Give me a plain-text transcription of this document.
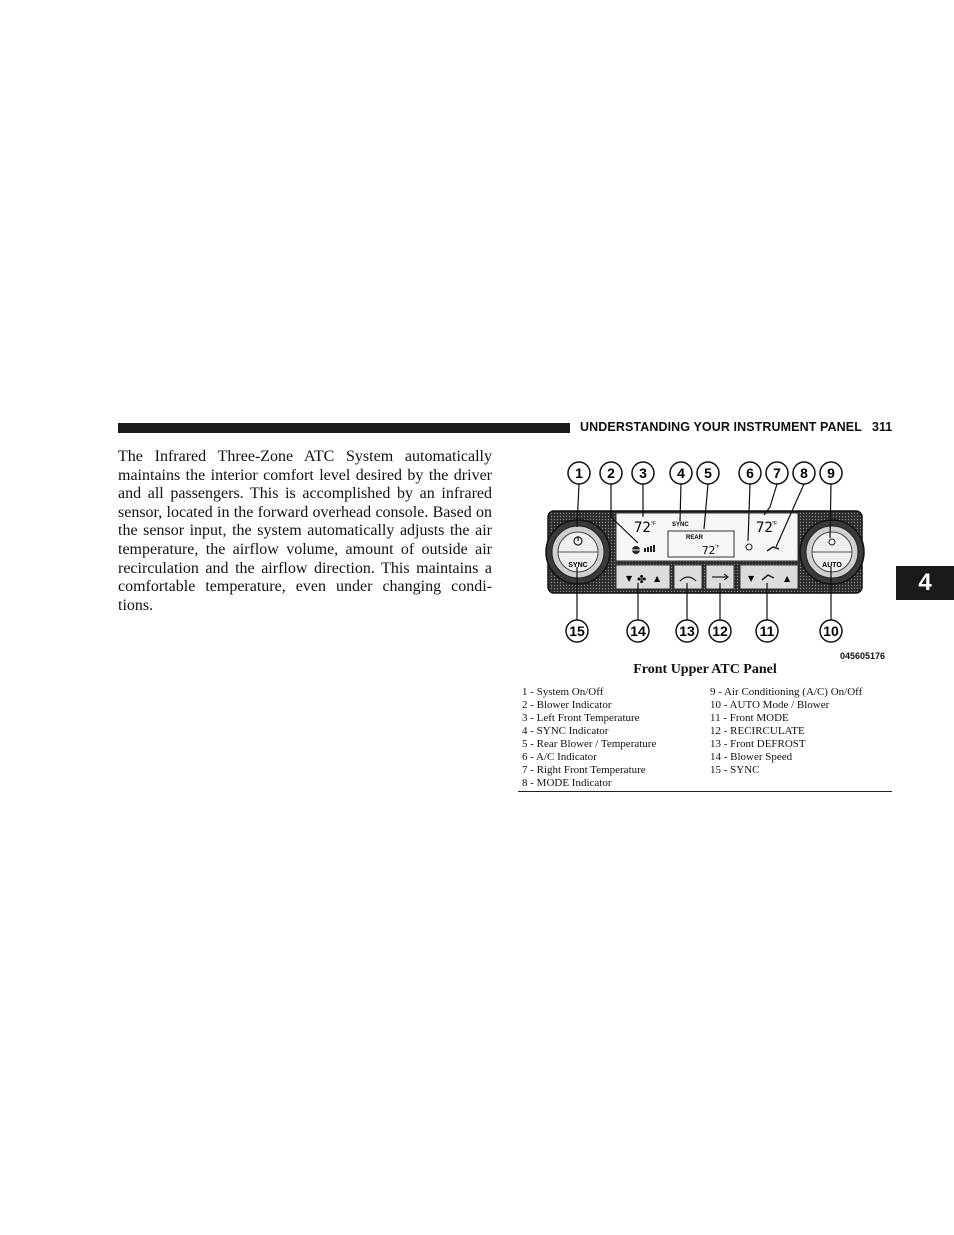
UNDERSTANDING YOUR INSTRUMENT PANEL 311

The Infrared Three-Zone ATC System automatically maintains the interior comfort level desired by the driver and all passengers. This is accomplished by an infrared sensor, located in the forward overhead console. Based on the sensor input, the system automatically adjusts the air temperature, the airflow volume, amount of outside air recirculation and the airflow direction. This maintains a comfortable temperature, even under changing condi-tions.

4
SYNC	AUTO
72 °F	SYNC
REAR
72 °F
72 °F
▼ ✤ ▲	▼	▲
1 2 3 4 5 6 7 8 9
15	14 13 12 11	10
045605176
Front Upper ATC Panel
1 - System On/Off
2 - Blower Indicator
3 - Left Front Temperature
4 - SYNC Indicator
5 - Rear Blower / Temperature
6 - A/C Indicator
7 - Right Front Temperature
8 - MODE Indicator
9 - Air Conditioning (A/C) On/Off
10 - AUTO Mode / Blower
11 - Front MODE
12 - RECIRCULATE
13 - Front DEFROST
14 - Blower Speed
15 - SYNC
